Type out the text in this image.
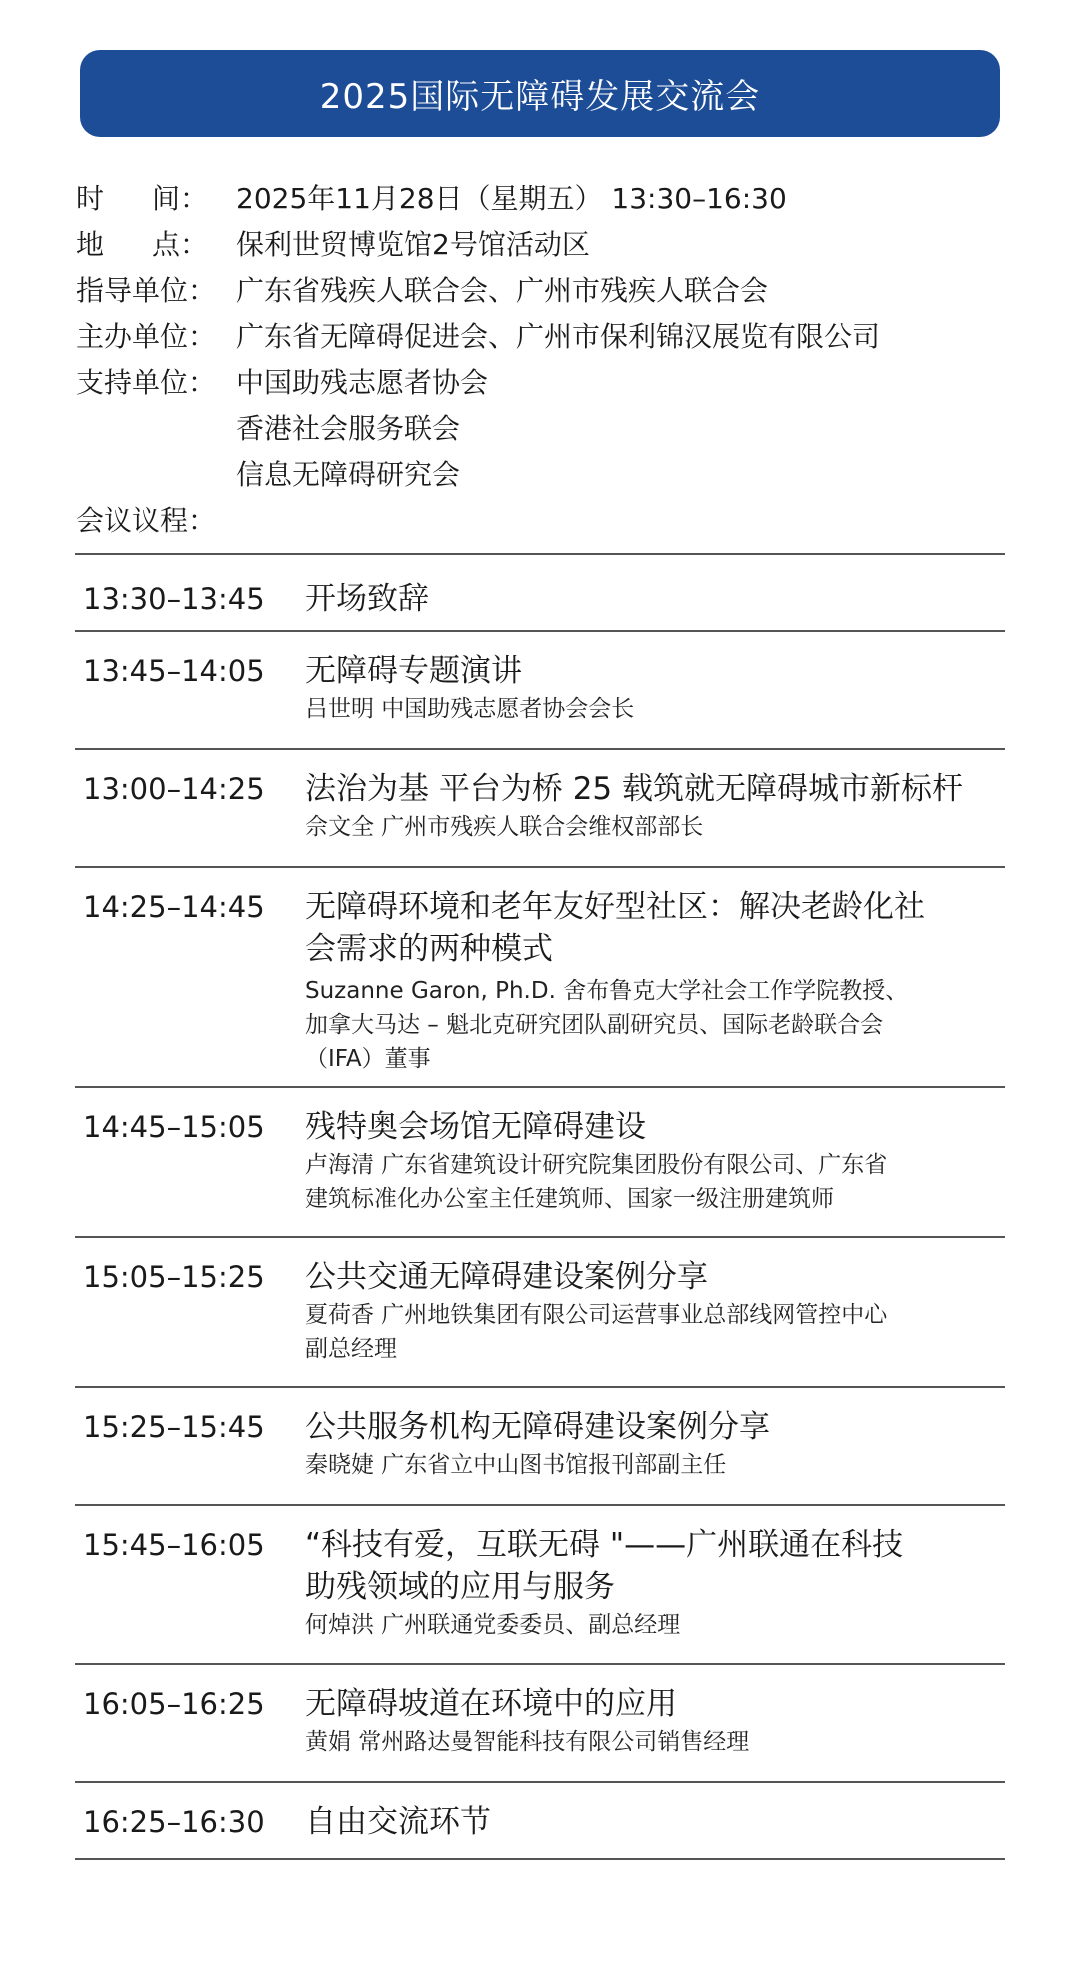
2025国际无障碍发展交流会
时 间： 2025年11月28日（星期五） 13:30–16:30
地 点： 保利世贸博览馆2号馆活动区
指导单位： 广东省残疾人联合会、广州市残疾人联合会
主办单位： 广东省无障碍促进会、广州市保利锦汉展览有限公司
支持单位： 中国助残志愿者协会
香港社会服务联会
信息无障碍研究会
会议议程：
13:30–13:45	开场致辞
13:45–14:05	无障碍专题演讲
吕世明 中国助残志愿者协会会长
13:00–14:25	法治为基 平台为桥 25 载筑就无障碍城市新标杆
佘文全 广州市残疾人联合会维权部部长
14:25–14:45	无障碍环境和老年友好型社区：解决老龄化社
会需求的两种模式
Suzanne Garon, Ph.D. 舍布鲁克大学社会工作学院教授、
加拿大马达 – 魁北克研究团队副研究员、国际老龄联合会
（IFA）董事
14:45–15:05	残特奥会场馆无障碍建设
卢海清 广东省建筑设计研究院集团股份有限公司、广东省
建筑标准化办公室主任建筑师、国家一级注册建筑师
15:05–15:25	公共交通无障碍建设案例分享
夏荷香 广州地铁集团有限公司运营事业总部线网管控中心
副总经理
15:25–15:45	公共服务机构无障碍建设案例分享
秦晓婕 广东省立中山图书馆报刊部副主任
15:45–16:05	“科技有爱，互联无碍 "——广州联通在科技
助残领域的应用与服务
何焯洪 广州联通党委委员、副总经理
16:05–16:25	无障碍坡道在环境中的应用
黄娟 常州路达曼智能科技有限公司销售经理
16:25–16:30	自由交流环节
